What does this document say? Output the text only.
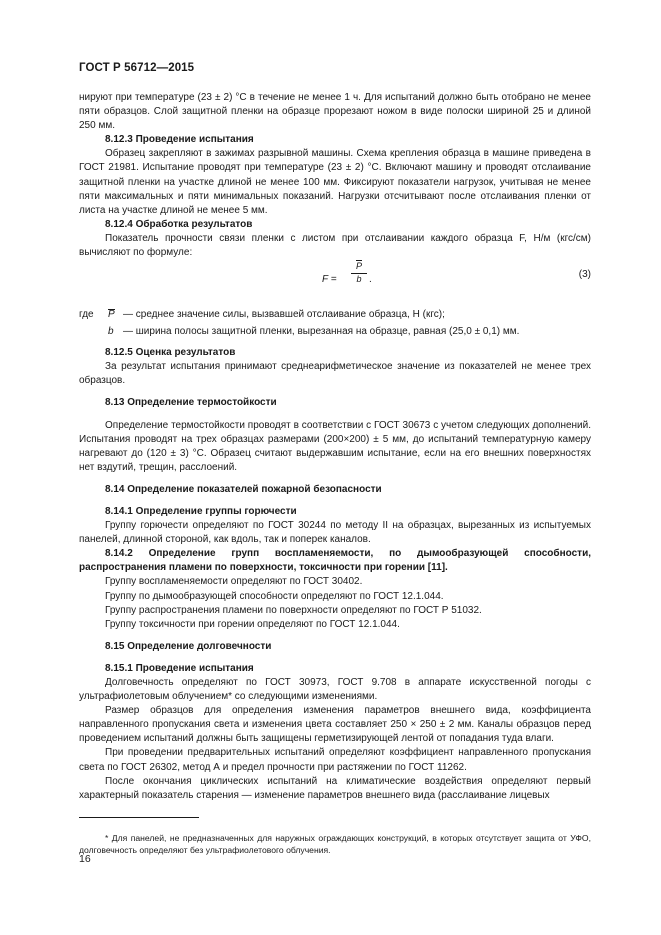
ГОСТ Р 56712—2015

нируют при температуре (23 ± 2) °С в течение не менее 1 ч. Для испытаний должно быть отобрано не менее пяти образцов. Слой защитной пленки на образце прорезают ножом в виде полоски шириной 25 и длиной 250 мм.

8.12.3 Проведение испытания

Образец закрепляют в зажимах разрывной машины. Схема крепления образца в машине приведена в ГОСТ 21981. Испытание проводят при температуре (23 ± 2) °С. Включают машину и проводят отслаивание защитной пленки на участке длиной не менее 100 мм. Фиксируют показатели нагрузок, учитывая не менее пяти максимальных и пяти минимальных показаний. Нагрузки отсчитывают после отслаивания пленки от листа на участке длиной не менее 5 мм.

8.12.4 Обработка результатов

Показатель прочности связи пленки с листом при отслаивании каждого образца F, Н/м (кгс/см) вычисляют по формуле:

$F = \frac{P}{b}$ .	(3)
где P — среднее значение силы, вызвавшей отслаивание образца, Н (кгс);
b — ширина полосы защитной пленки, вырезанная на образце, равная (25,0 ± 0,1) мм.

8.12.5 Оценка результатов

За результат испытания принимают среднеарифметическое значение из показателей не менее трех образцов.

8.13 Определение термостойкости

Определение термостойкости проводят в соответствии с ГОСТ 30673 с учетом следующих дополнений. Испытания проводят на трех образцах размерами (200×200) ± 5 мм, до испытаний температурную камеру нагревают до (120 ± 3) °С. Образец считают выдержавшим испытание, если на его внешних поверхностях нет вздутий, трещин, расслоений.

8.14 Определение показателей пожарной безопасности

8.14.1 Определение группы горючести

Группу горючести определяют по ГОСТ 30244 по методу II на образцах, вырезанных из испытуемых панелей, длинной стороной, как вдоль, так и поперек каналов.

8.14.2 Определение групп воспламеняемости, по дымообразующей способности, распространения пламени по поверхности, токсичности при горении [11].

Группу воспламеняемости определяют по ГОСТ 30402.

Группу по дымообразующей способности определяют по ГОСТ 12.1.044.

Группу распространения пламени по поверхности определяют по ГОСТ Р 51032.

Группу токсичности при горении определяют по ГОСТ 12.1.044.

8.15 Определение долговечности

8.15.1 Проведение испытания

Долговечность определяют по ГОСТ 30973, ГОСТ 9.708 в аппарате искусственной погоды с ультрафиолетовым облучением* со следующими изменениями.

Размер образцов для определения изменения параметров внешнего вида, коэффициента направленного пропускания света и изменения цвета составляет 250 × 250 ± 2 мм. Каналы образцов перед проведением испытаний должны быть защищены герметизирующей лентой от попадания туда влаги.

При проведении предварительных испытаний определяют коэффициент направленного пропускания света по ГОСТ 26302, метод А и предел прочности при растяжении по ГОСТ 11262.

После окончания циклических испытаний на климатические воздействия определяют первый характерный показатель старения — изменение параметров внешнего вида (расслаивание лицевых

* Для панелей, не предназначенных для наружных ограждающих конструкций, в которых отсутствует защита от УФО, долговечность определяют без ультрафиолетового облучения.

16
